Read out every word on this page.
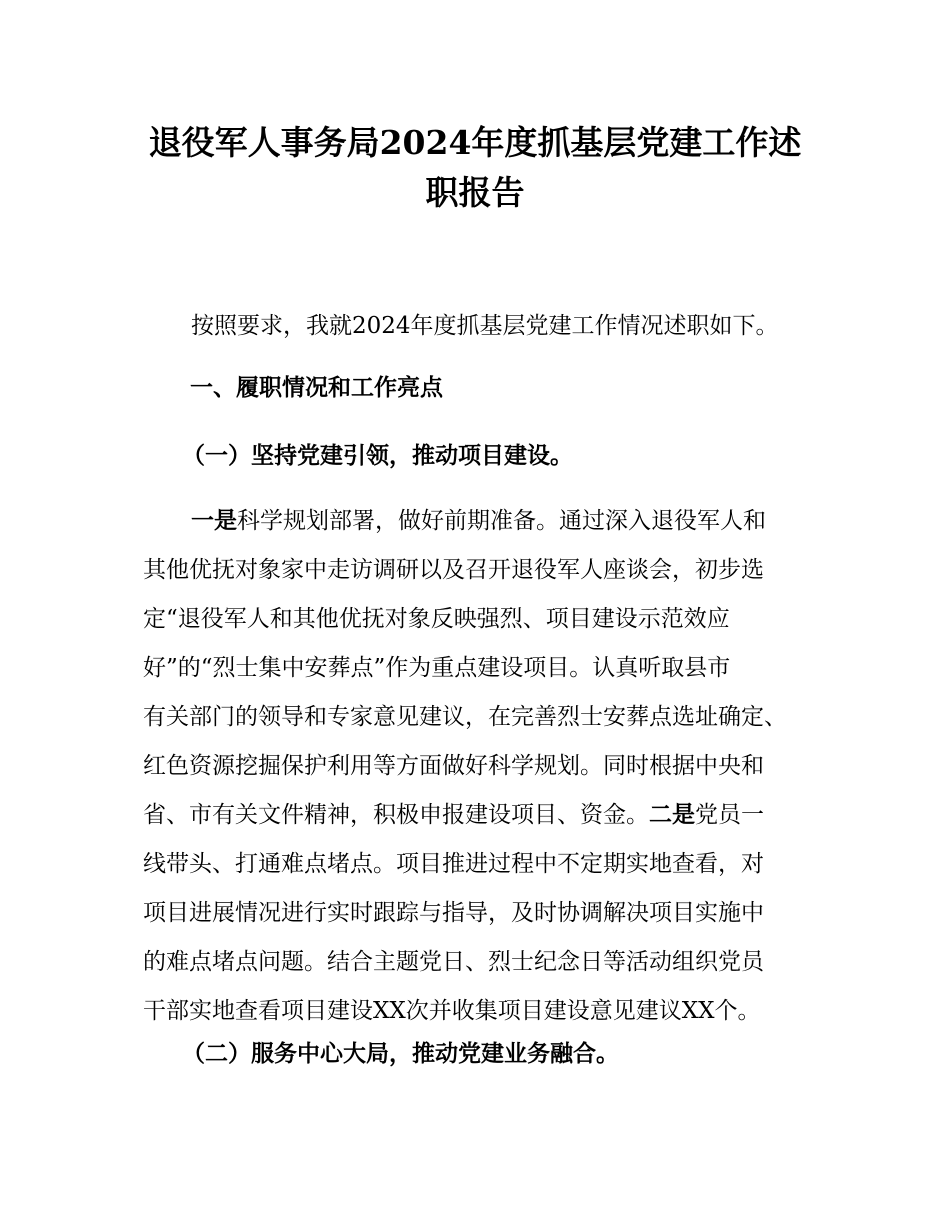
退役军人事务局2024年度抓基层党建工作述
职报告

按照要求，我就2024年度抓基层党建工作情况述职如下。

一、履职情况和工作亮点
（一）坚持党建引领，推动项目建设。
一是科学规划部署，做好前期准备。通过深入退役军人和
其他优抚对象家中走访调研以及召开退役军人座谈会，初步选
定“退役军人和其他优抚对象反映强烈、项目建设示范效应
好”的“烈士集中安葬点”作为重点建设项目。认真听取县市
有关部门的领导和专家意见建议，在完善烈士安葬点选址确定、
红色资源挖掘保护利用等方面做好科学规划。同时根据中央和
省、市有关文件精神，积极申报建设项目、资金。二是党员一
线带头、打通难点堵点。项目推进过程中不定期实地查看，对
项目进展情况进行实时跟踪与指导，及时协调解决项目实施中
的难点堵点问题。结合主题党日、烈士纪念日等活动组织党员
干部实地查看项目建设XX次并收集项目建设意见建议XX个。
（二）服务中心大局，推动党建业务融合。
